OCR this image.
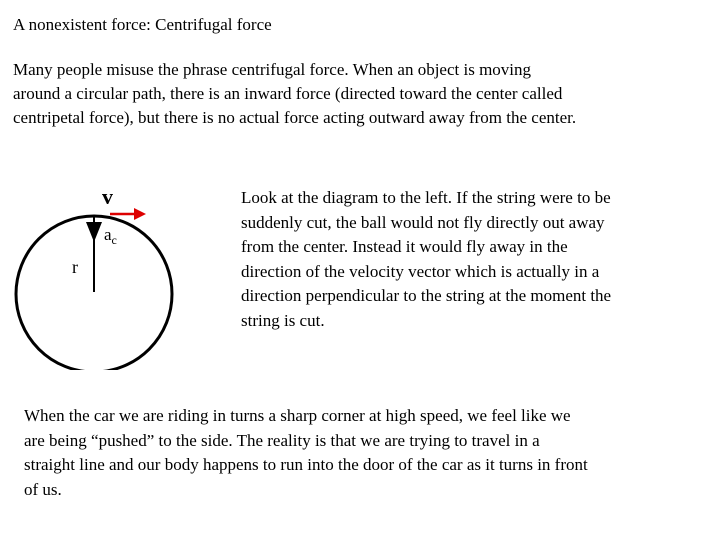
A nonexistent force: Centrifugal force
Many people misuse the phrase centrifugal force. When an object is moving
around a circular path, there is an inward force (directed toward the center called
centripetal force), but there is no actual force acting outward away from the center.
v
$a_c$
r
Look at the diagram to the left. If the string were to be
suddenly cut, the ball would not fly directly out away
from the center. Instead it would fly away in the
direction of the velocity vector which is actually in a
direction perpendicular to the string at the moment the
string is cut.
When the car we are riding in turns a sharp corner at high speed, we feel like we
are being “pushed” to the side. The reality is that we are trying to travel in a
straight line and our body happens to run into the door of the car as it turns in front
of us.
